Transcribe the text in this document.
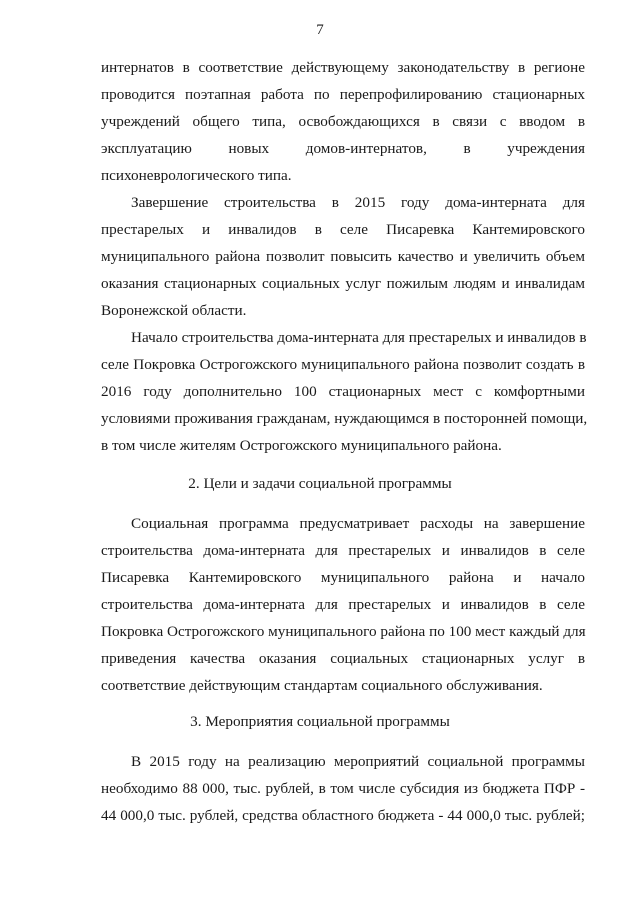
7
интернатов в соответствие действующему законодательству в регионе
проводится поэтапная работа по перепрофилированию стационарных
учреждений общего типа, освобождающихся в связи с вводом в
эксплуатацию новых домов-интернатов, в учреждения
психоневрологического типа.
Завершение строительства в 2015 году дома-интерната для
престарелых и инвалидов в селе Писаревка Кантемировского
муниципального района позволит повысить качество и увеличить объем
оказания стационарных социальных услуг пожилым людям и инвалидам
Воронежской области.
Начало строительства дома-интерната для престарелых и инвалидов в
селе Покровка Острогожского муниципального района позволит создать в
2016 году дополнительно 100 стационарных мест с комфортными
условиями проживания гражданам, нуждающимся в посторонней помощи,
в том числе жителям Острогожского муниципального района.
2. Цели и задачи социальной программы
Социальная программа предусматривает расходы на завершение
строительства дома-интерната для престарелых и инвалидов в селе
Писаревка Кантемировского муниципального района и начало
строительства дома-интерната для престарелых и инвалидов в селе
Покровка Острогожского муниципального района по 100 мест каждый для
приведения качества оказания социальных стационарных услуг в
соответствие действующим стандартам социального обслуживания.
3. Мероприятия социальной программы
В 2015 году на реализацию мероприятий социальной программы
необходимо 88 000, тыс. рублей, в том числе субсидия из бюджета ПФР -
44 000,0 тыс. рублей, средства областного бюджета - 44 000,0 тыс. рублей;
